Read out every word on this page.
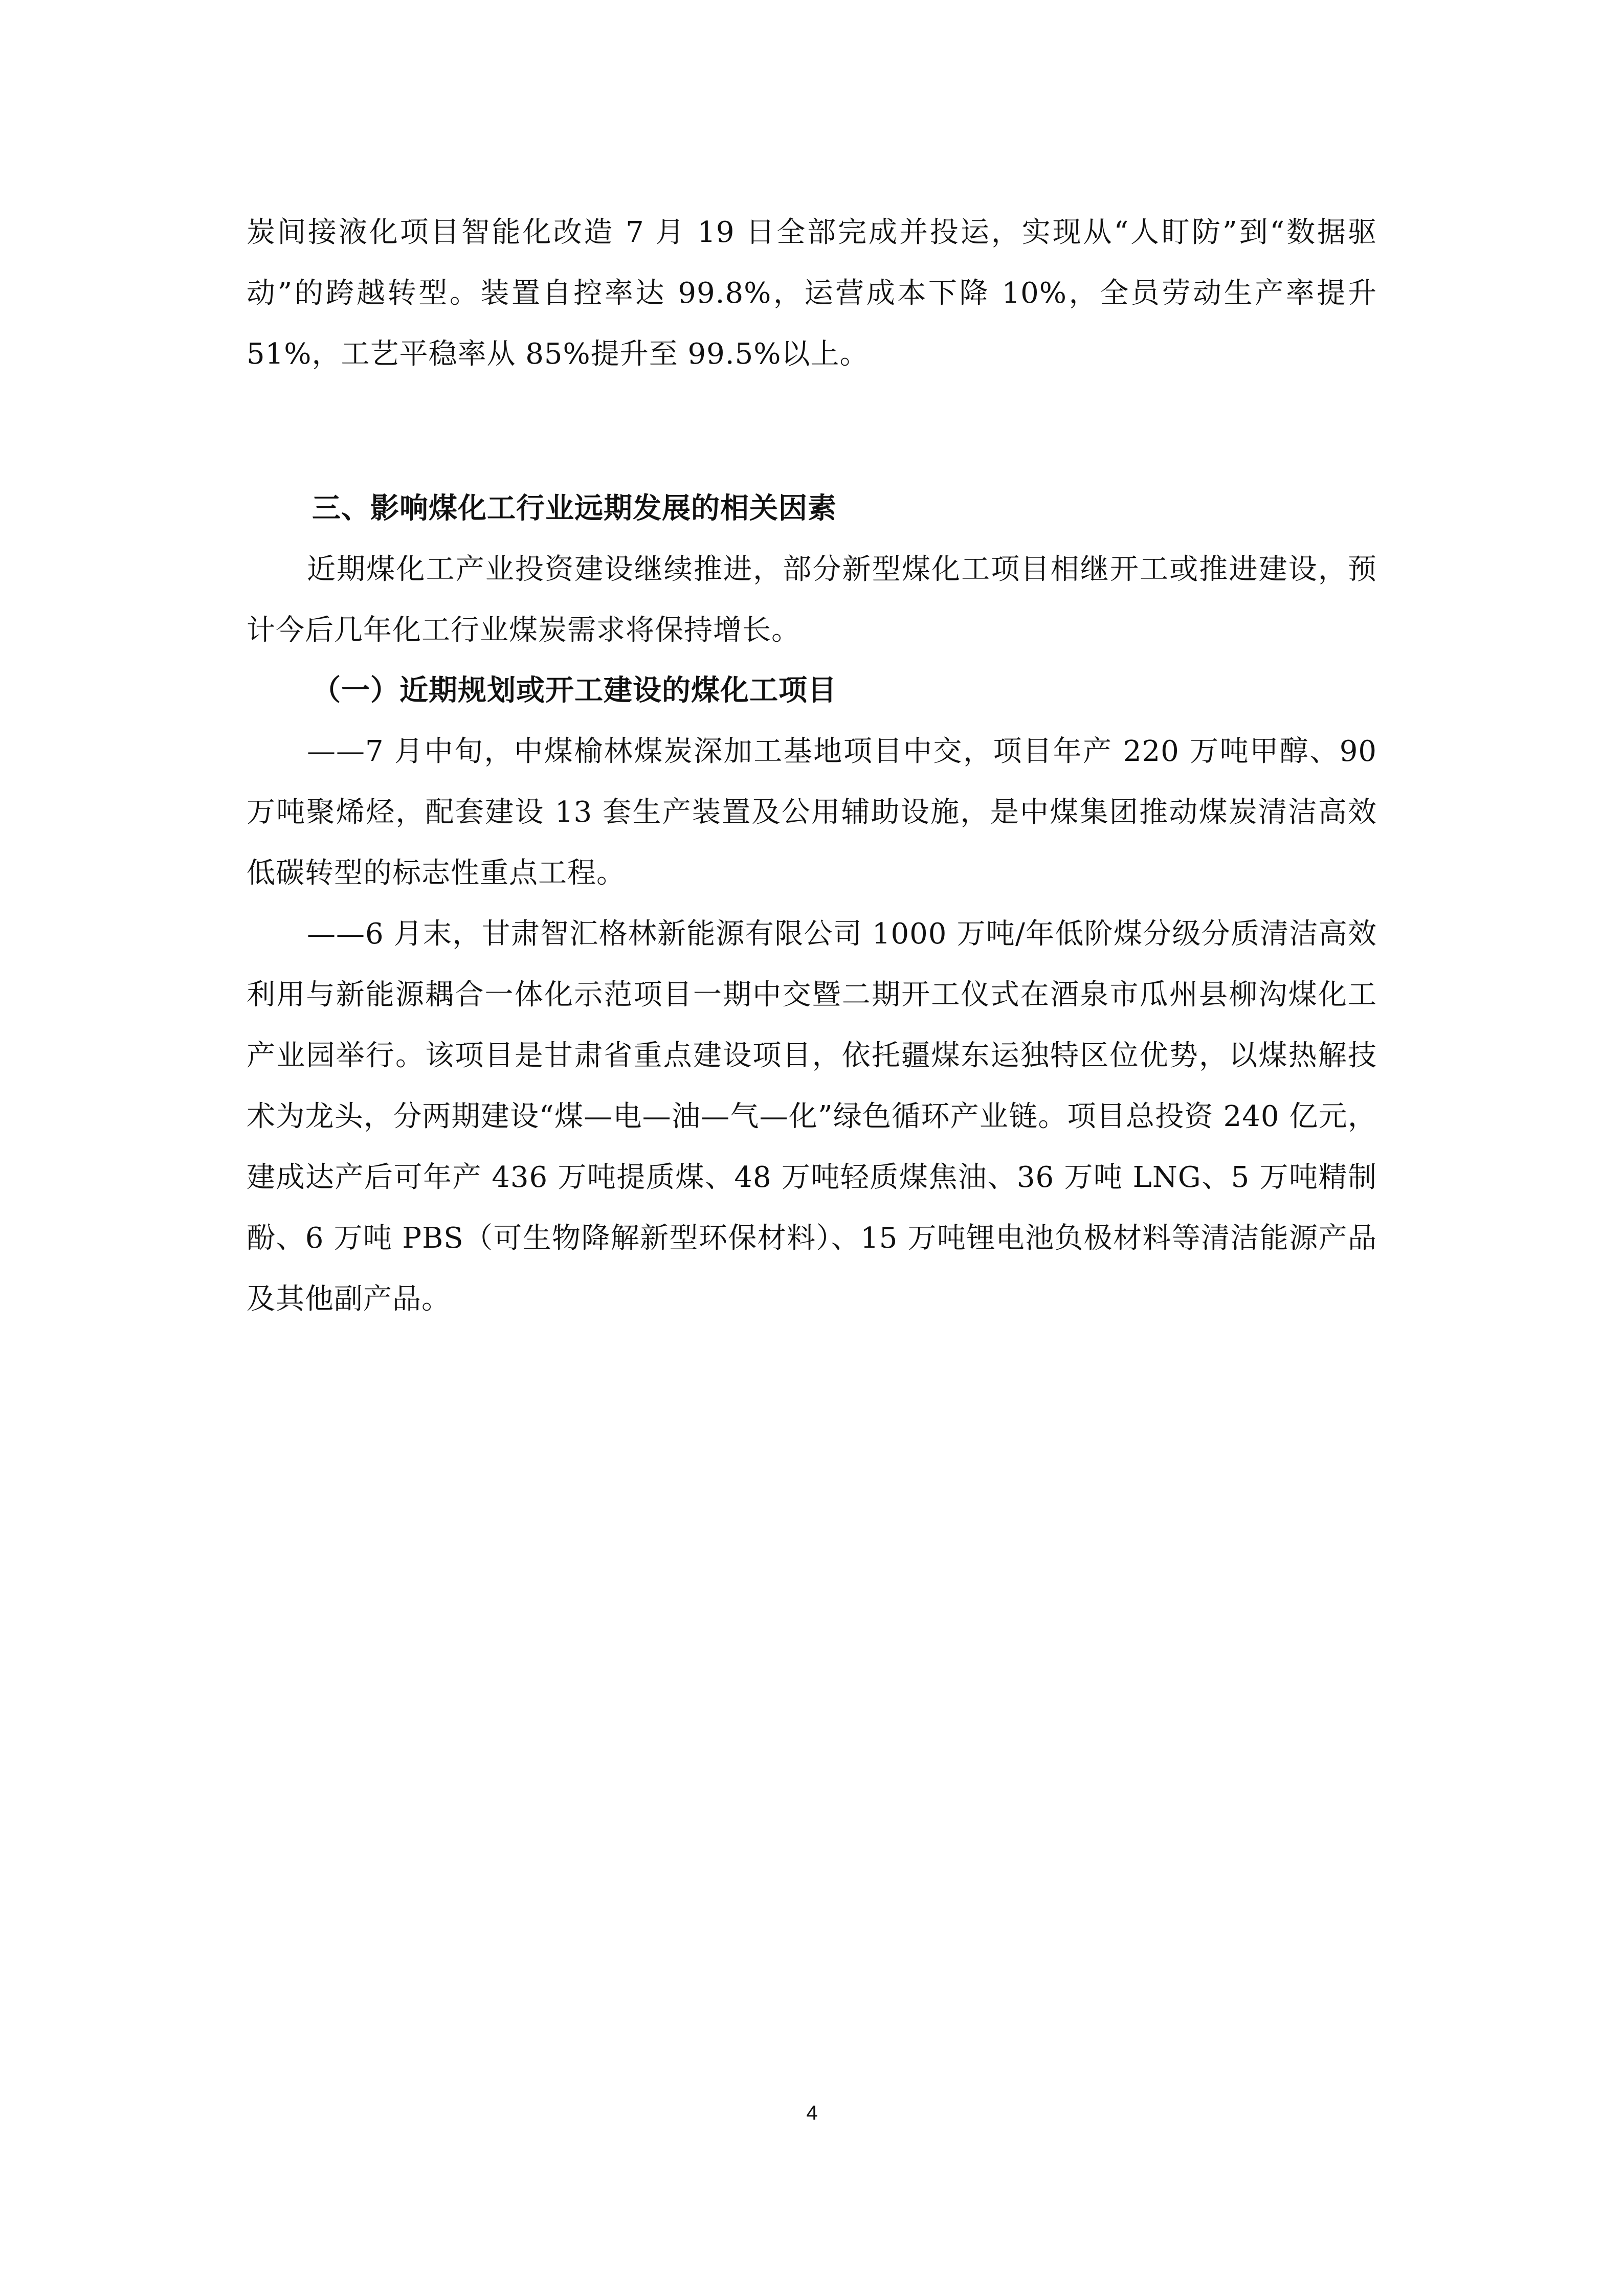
炭间接液化项目智能化改造 7 月 19 日全部完成并投运，实现从“人盯防”到“数据驱动”的跨越转型。装置自控率达 99.8%，运营成本下降 10%，全员劳动生产率提升 51%，工艺平稳率从 85%提升至 99.5%以上。

三、影响煤化工行业远期发展的相关因素

近期煤化工产业投资建设继续推进，部分新型煤化工项目相继开工或推进建设，预计今后几年化工行业煤炭需求将保持增长。

（一）近期规划或开工建设的煤化工项目

——7 月中旬，中煤榆林煤炭深加工基地项目中交，项目年产 220 万吨甲醇、90 万吨聚烯烃，配套建设 13 套生产装置及公用辅助设施，是中煤集团推动煤炭清洁高效低碳转型的标志性重点工程。

——6 月末，甘肃智汇格林新能源有限公司 1000 万吨/年低阶煤分级分质清洁高效利用与新能源耦合一体化示范项目一期中交暨二期开工仪式在酒泉市瓜州县柳沟煤化工产业园举行。该项目是甘肃省重点建设项目，依托疆煤东运独特区位优势，以煤热解技术为龙头，分两期建设“煤—电—油—气—化”绿色循环产业链。项目总投资 240 亿元，建成达产后可年产 436 万吨提质煤、48 万吨轻质煤焦油、36 万吨 LNG、5 万吨精制酚、6 万吨 PBS（可生物降解新型环保材料）、15 万吨锂电池负极材料等清洁能源产品及其他副产品。

4
